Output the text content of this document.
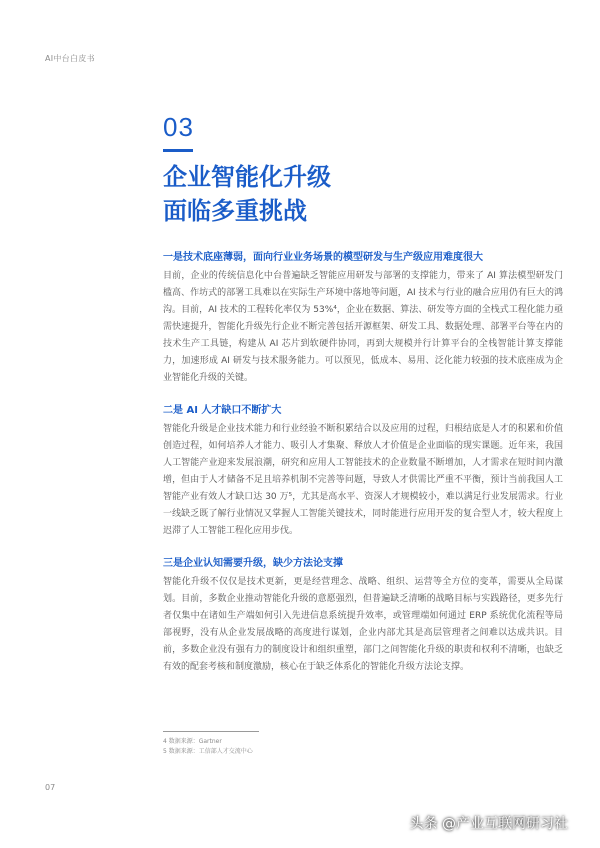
AI中台白皮书
03
企业智能化升级
面临多重挑战
一是技术底座薄弱，面向行业业务场景的模型研发与生产级应用难度很大

目前，企业的传统信息化中台普遍缺乏智能应用研发与部署的支撑能力，带来了 AI 算法模型研发门槛高、作坊式的部署工具难以在实际生产环境中落地等问题，AI 技术与行业的融合应用仍有巨大的鸿沟。目前，AI 技术的工程转化率仅为 53%⁴，企业在数据、算法、研发等方面的全栈式工程化能力亟需快速提升，智能化升级先行企业不断完善包括开源框架、研发工具、数据处理、部署平台等在内的技术生产工具链，构建从 AI 芯片到软硬件协同，再到大规模并行计算平台的全栈智能计算支撑能力，加速形成 AI 研发与技术服务能力。可以预见，低成本、易用、泛化能力较强的技术底座成为企业智能化升级的关键。

二是 AI 人才缺口不断扩大

智能化升级是企业技术能力和行业经验不断积累结合以及应用的过程，归根结底是人才的积累和价值创造过程，如何培养人才能力、吸引人才集聚、释放人才价值是企业面临的现实课题。近年来，我国人工智能产业迎来发展浪潮，研究和应用人工智能技术的企业数量不断增加，人才需求在短时间内激增，但由于人才储备不足且培养机制不完善等问题，导致人才供需比严重不平衡，预计当前我国人工智能产业有效人才缺口达 30 万⁵，尤其是高水平、资深人才规模较小，难以满足行业发展需求。行业一线缺乏既了解行业情况又掌握人工智能关键技术，同时能进行应用开发的复合型人才，较大程度上迟滞了人工智能工程化应用步伐。

三是企业认知需要升级，缺少方法论支撑

智能化升级不仅仅是技术更新，更是经营理念、战略、组织、运营等全方位的变革，需要从全局谋划。目前，多数企业推动智能化升级的意愿强烈，但普遍缺乏清晰的战略目标与实践路径，更多先行者仅集中在诸如生产端如何引入先进信息系统提升效率，或管理端如何通过 ERP 系统优化流程等局部视野，没有从企业发展战略的高度进行谋划，企业内部尤其是高层管理者之间难以达成共识。目前，多数企业没有强有力的制度设计和组织重塑，部门之间智能化升级的职责和权利不清晰，也缺乏有效的配套考核和制度激励，核心在于缺乏体系化的智能化升级方法论支撑。

4 数据来源：Gartner
5 数据来源：工信部人才交流中心
07
头条 @产业互联网研习社
